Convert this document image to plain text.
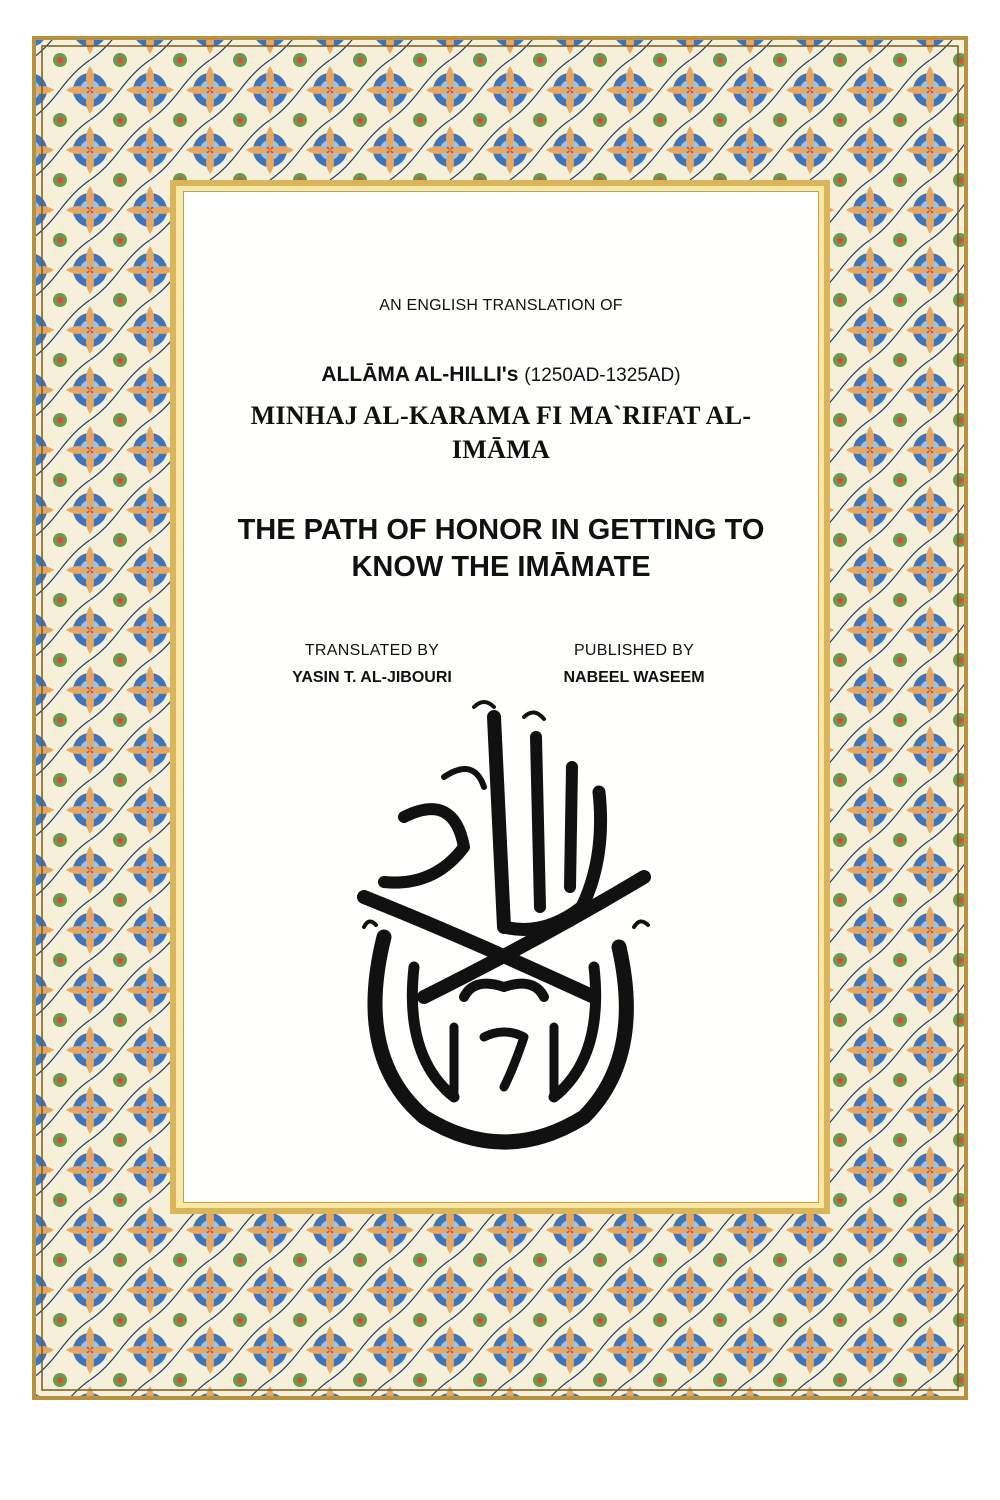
AN ENGLISH TRANSLATION OF
ALLĀMA AL-HILLI's (1250AD-1325AD)
MINHAJ AL-KARAMA FI MA`RIFAT AL-IMĀMA
THE PATH OF HONOR IN GETTING TO KNOW THE IMĀMATE
TRANSLATED BY
YASIN T. AL-JIBOURI
PUBLISHED BY
NABEEL WASEEM
